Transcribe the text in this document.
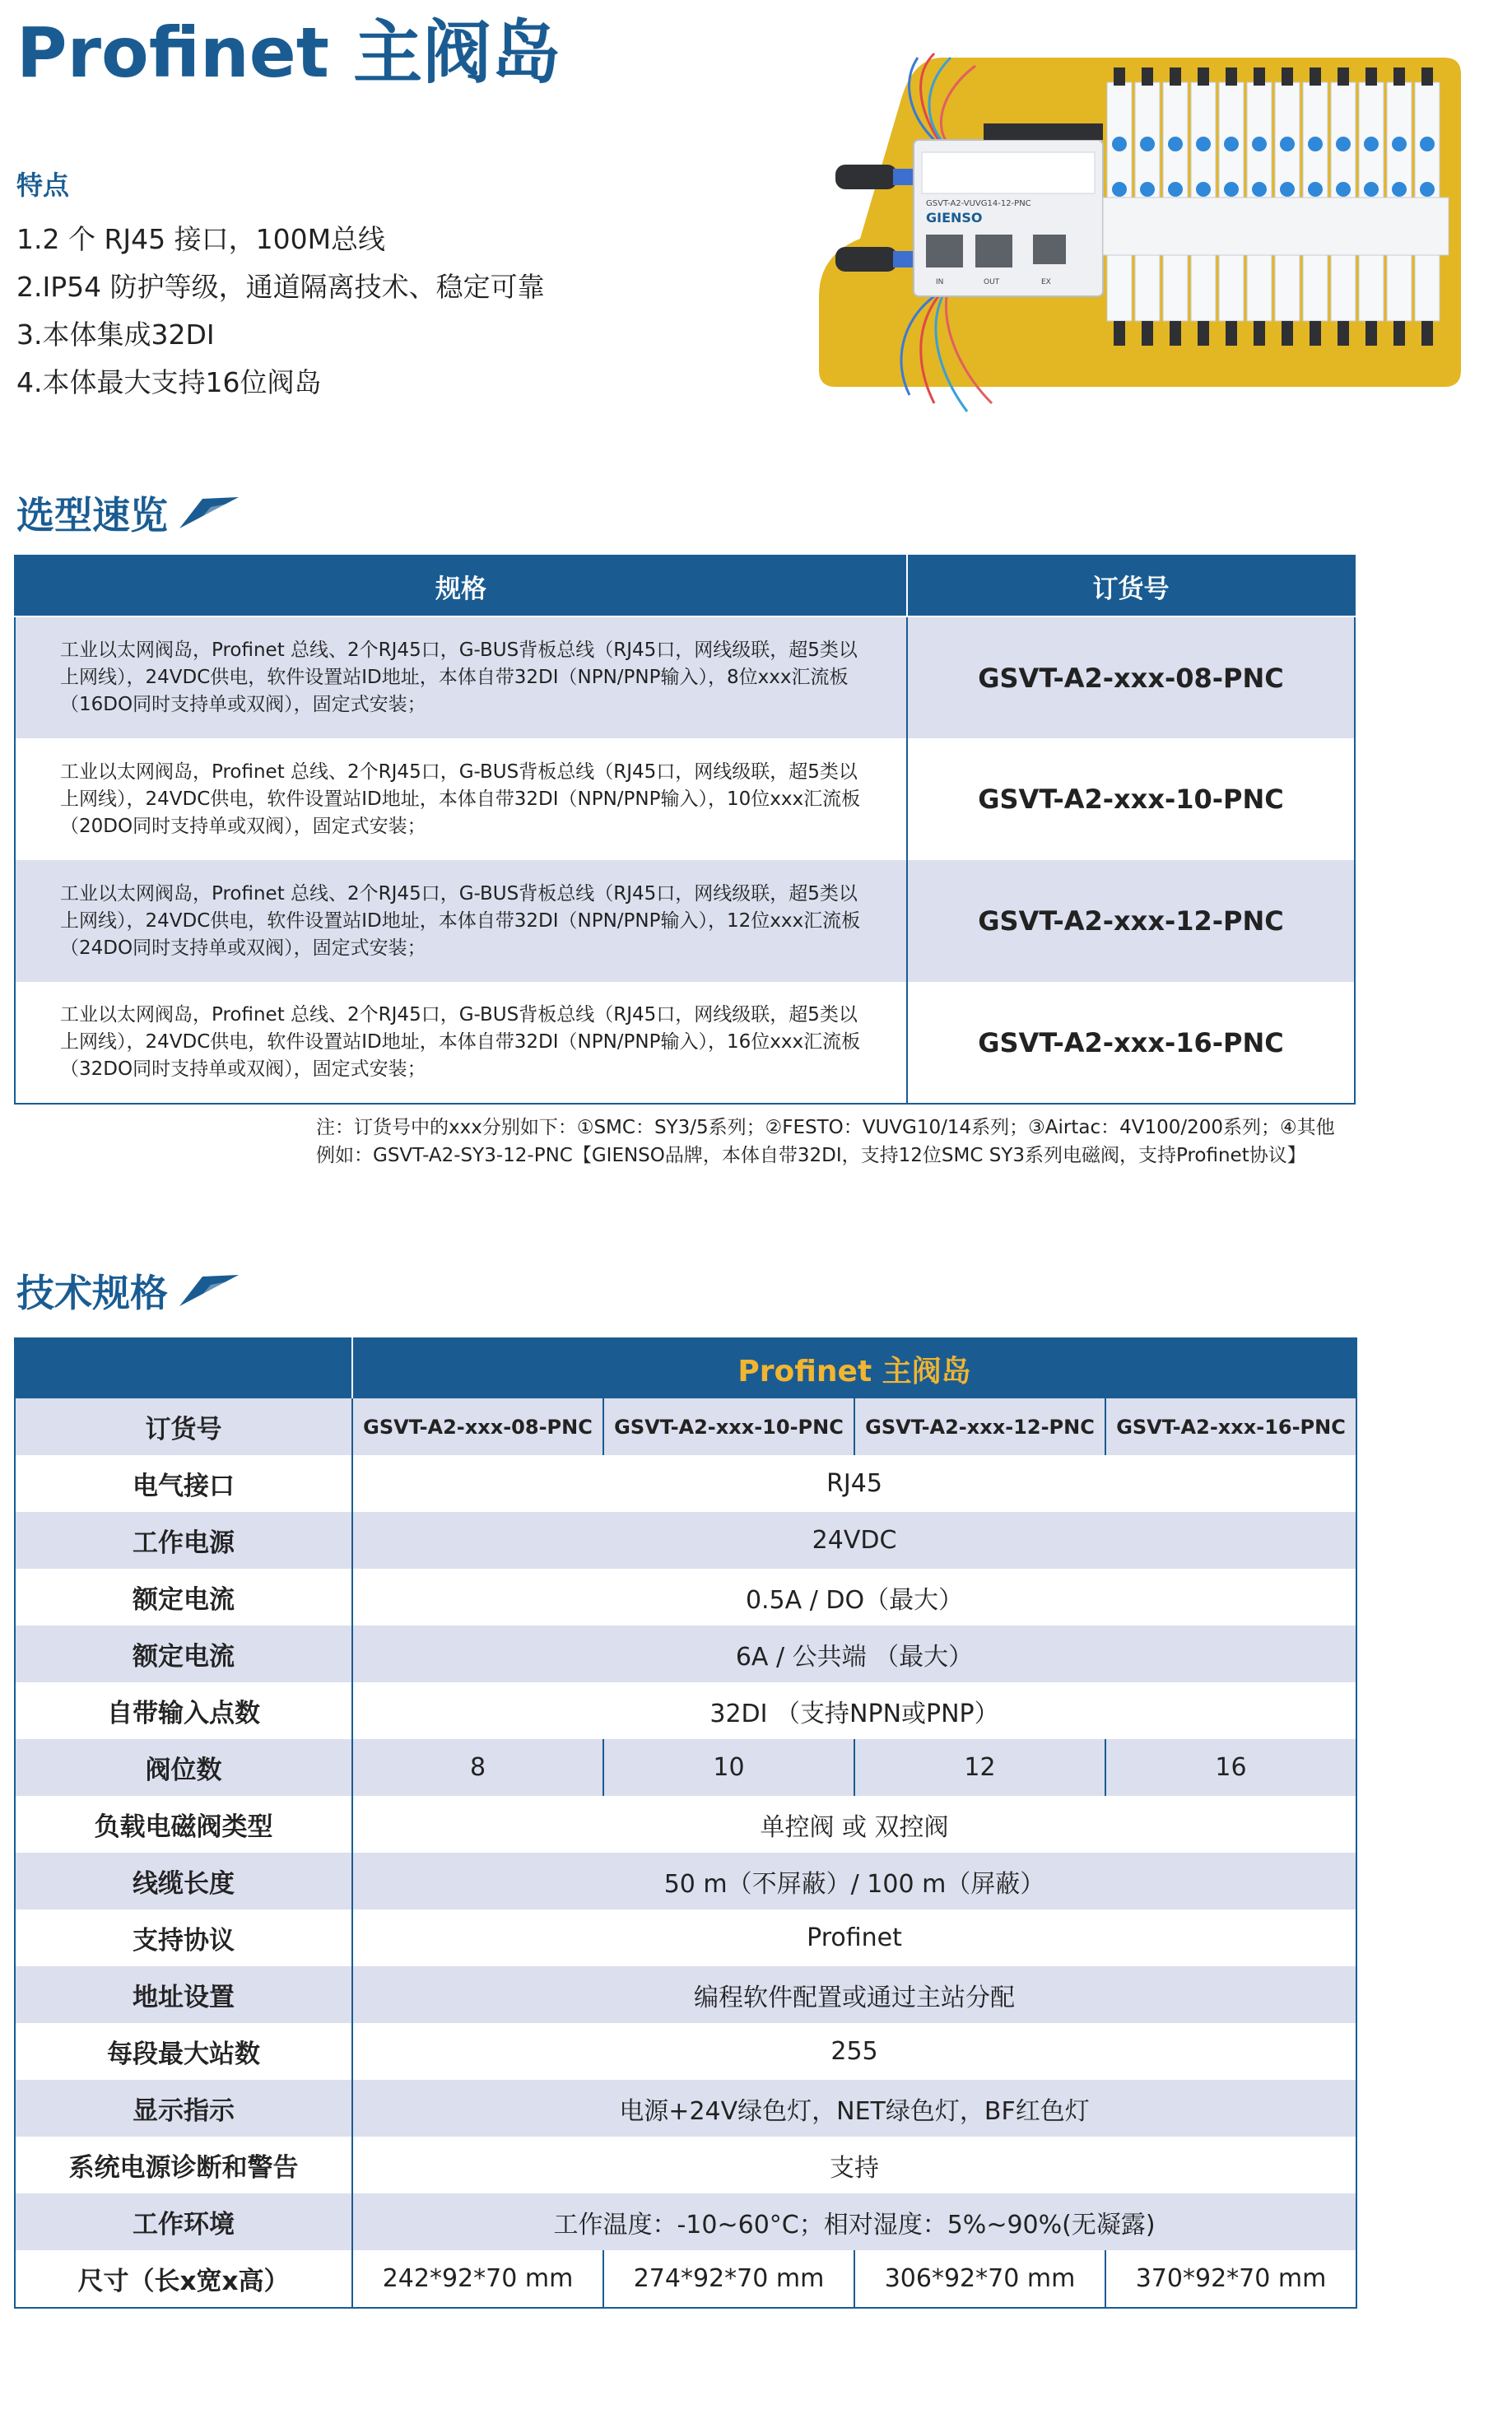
Profinet 主阀岛
特点
1.2 个 RJ45 接口，100M总线
2.IP54 防护等级，通道隔离技术、稳定可靠
3.本体集成32DI
4.本体最大支持16位阀岛
GSVT-A2-VUVG14-12-PNC
GIENSO
IN	OUT	EX
选型速览
规格	订货号
工业以太网阀岛，Profinet 总线、2个RJ45口，G-BUS背板总线（RJ45口，网线级联，超5类以上网线），24VDC供电，软件设置站ID地址，本体自带32DI（NPN/PNP输入），8位xxx汇流板（16DO同时支持单或双阀），固定式安装；	GSVT-A2-xxx-08-PNC
工业以太网阀岛，Profinet 总线、2个RJ45口，G-BUS背板总线（RJ45口，网线级联，超5类以上网线），24VDC供电，软件设置站ID地址，本体自带32DI（NPN/PNP输入），10位xxx汇流板（20DO同时支持单或双阀），固定式安装；	GSVT-A2-xxx-10-PNC
工业以太网阀岛，Profinet 总线、2个RJ45口，G-BUS背板总线（RJ45口，网线级联，超5类以上网线），24VDC供电，软件设置站ID地址，本体自带32DI（NPN/PNP输入），12位xxx汇流板（24DO同时支持单或双阀），固定式安装；	GSVT-A2-xxx-12-PNC
工业以太网阀岛，Profinet 总线、2个RJ45口，G-BUS背板总线（RJ45口，网线级联，超5类以上网线），24VDC供电，软件设置站ID地址，本体自带32DI（NPN/PNP输入），16位xxx汇流板（32DO同时支持单或双阀），固定式安装；	GSVT-A2-xxx-16-PNC
注：订货号中的xxx分别如下：①SMC：SY3/5系列；②FESTO：VUVG10/14系列；③Airtac：4V100/200系列；④其他
例如：GSVT-A2-SY3-12-PNC【GIENSO品牌，本体自带32DI，支持12位SMC SY3系列电磁阀，支持Profinet协议】
技术规格
	Profinet 主阀岛			
订货号	GSVT-A2-xxx-08-PNC	GSVT-A2-xxx-10-PNC	GSVT-A2-xxx-12-PNC	GSVT-A2-xxx-16-PNC
电气接口	RJ45			
工作电源	24VDC			
额定电流	0.5A / DO（最大）			
额定电流	6A / 公共端 （最大）			
自带输入点数	32DI （支持NPN或PNP）			
阀位数	8	10	12	16
负载电磁阀类型	单控阀 或 双控阀			
线缆长度	50 m（不屏蔽）/ 100 m（屏蔽）			
支持协议	Profinet			
地址设置	编程软件配置或通过主站分配			
每段最大站数	255			
显示指示	电源+24V绿色灯，NET绿色灯，BF红色灯			
系统电源诊断和警告	支持			
工作环境	工作温度：-10~60°C；相对湿度：5%~90%(无凝露)			
尺寸（长x宽x高）	242*92*70 mm	274*92*70 mm	306*92*70 mm	370*92*70 mm
